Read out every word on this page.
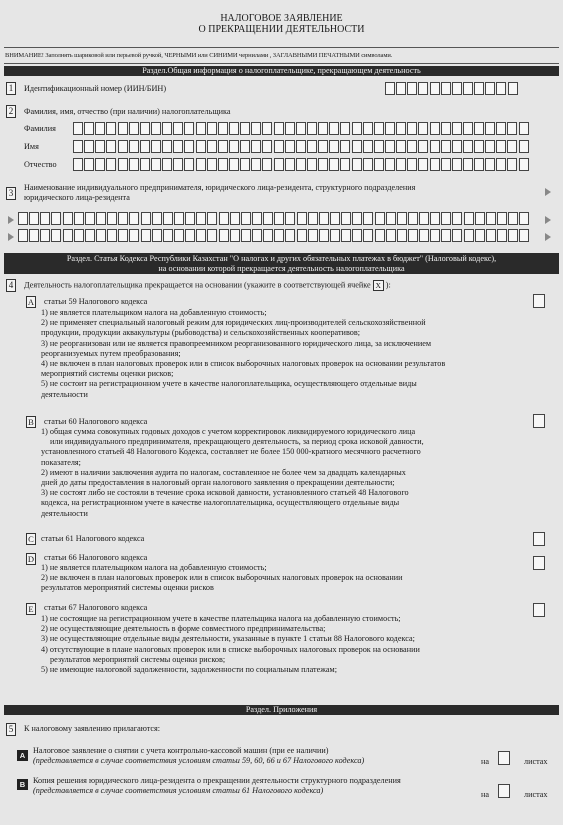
НАЛОГОВОЕ ЗАЯВЛЕНИЕ
О ПРЕКРАЩЕНИИ ДЕЯТЕЛЬНОСТИ
ВНИМАНИЕ! Заполнять шариковой или перьевой ручкой, ЧЕРНЫМИ или СИНИМИ чернилами , ЗАГЛАВНЫМИ ПЕЧАТНЫМИ символами.
Раздел.Общая информация о налогоплательщике, прекращающем деятельность
1	Идентификационный номер (ИИН/БИН)
2	Фамилия, имя, отчество (при наличии) налогоплательщика
Фамилия
Имя
Отчество
3
Наименование индивидуального предпринимателя, юридического лица-резидента, структурного подразделения
юридического лица-резидента
Раздел. Статья Кодекса Республики Казахстан "О налогах и других обязательных платежах в бюджет" (Налоговый кодекс),
на основании которой прекращается деятельность налогоплательщика
4	Деятельность налогоплательщика прекращается на основании (укажите в соответствующей ячейке X ):
A статьи 59 Налогового кодекса
1) не является плательщиком налога на добавленную стоимость;
2) не применяет специальный налоговый режим для юридических лиц-производителей сельскохозяйственной
продукции, продукции аквакультуры (рыбоводства) и сельскохозяйственных кооперативов;
3) не реорганизован или не является правопреемником реорганизованного юридического лица, за исключением
реорганизуемых путем преобразования;
4) не включен в план налоговых проверок или в список выборочных налоговых проверок на основании результатов
мероприятий системы оценки рисков;
5) не состоит на регистрационном учете в качестве налогоплательщика, осуществляющего отдельные виды
деятельности
B статьи 60 Налогового кодекса
1) общая сумма совокупных годовых доходов с учетом корректировок ликвидируемого юридического лица
или индивидуального предпринимателя, прекращающего деятельность, за период срока исковой давности,
установленного статьей 48 Налогового Кодекса, составляет не более 150 000-кратного месячного расчетного
показателя;
2) имеют в наличии заключения аудита по налогам, составленное не более чем за двадцать календарных
дней до даты предоставления в налоговый орган налогового заявления о прекращении деятельности;
3) не состоят либо не состояли в течение срока исковой давности, установленного статьей 48 Налогового
кодекса, на регистрационном учете в качестве налогоплательщика, осуществляющего отдельные виды
деятельности
C статьи 61 Налогового кодекса
D статьи 66 Налогового кодекса
1) не является плательщиком налога на добавленную стоимость;
2) не включен в план налоговых проверок или в список выборочных налоговых проверок на основании
результатов мероприятий системы оценки рисков
E статьи 67 Налогового кодекса
1) не состоящие на регистрационном учете в качестве плательщика налога на добавленную стоимость;
2) не осуществляющие деятельность в форме совместного предпринимательства;
3) не осуществляющие отдельные виды деятельности, указанные в пункте 1 статьи 88 Налогового кодекса;
4) отсутствующие в плане налоговых проверок или в списке выборочных налоговых проверок на основании
результатов мероприятий системы оценки рисков;
5) не имеющие налоговой задолженности, задолженности по социальным платежам;
Раздел. Приложения
5	К налоговому заявлению прилагаются:
A
Налоговое заявление о снятии с учета контрольно-кассовой машин (при ее наличии)
(представляется в случае соответствия условиям статьи 59, 60, 66 и 67 Налогового кодекса)	на	листах
B Копия решения юридического лица-резидента о прекращении деятельности структурного подразделения
(представляется в случае соответствия условиям статьи 61 Налогового кодекса)	на	листах
